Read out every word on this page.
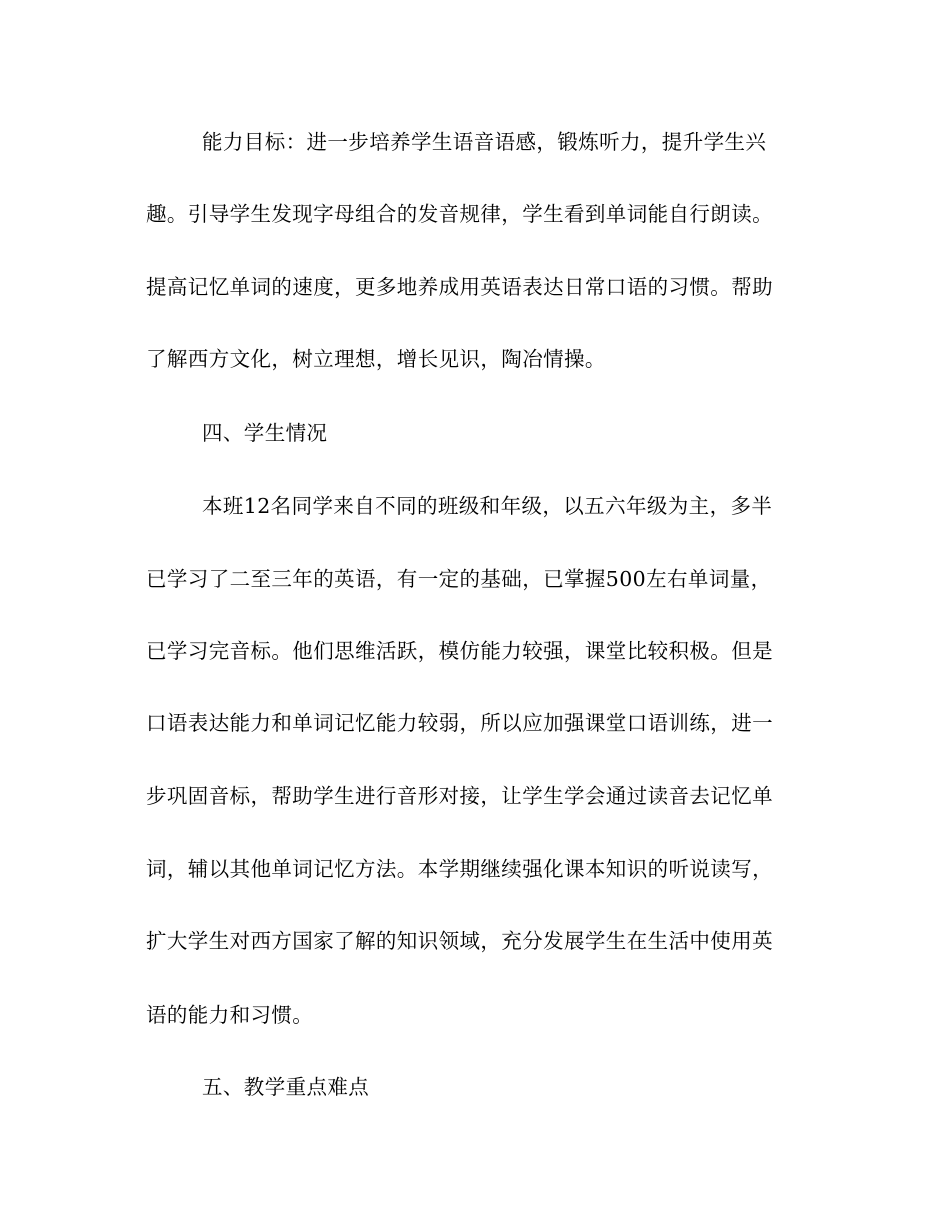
能力目标：进一步培养学生语音语感，锻炼听力，提升学生兴
趣。引导学生发现字母组合的发音规律，学生看到单词能自行朗读。
提高记忆单词的速度，更多地养成用英语表达日常口语的习惯。帮助
了解西方文化，树立理想，增长见识，陶冶情操。
四、学生情况
本班12名同学来自不同的班级和年级，以五六年级为主，多半
已学习了二至三年的英语，有一定的基础，已掌握500左右单词量，
已学习完音标。他们思维活跃，模仿能力较强，课堂比较积极。但是
口语表达能力和单词记忆能力较弱，所以应加强课堂口语训练，进一
步巩固音标，帮助学生进行音形对接，让学生学会通过读音去记忆单
词，辅以其他单词记忆方法。本学期继续强化课本知识的听说读写，
扩大学生对西方国家了解的知识领域，充分发展学生在生活中使用英
语的能力和习惯。
五、教学重点难点
